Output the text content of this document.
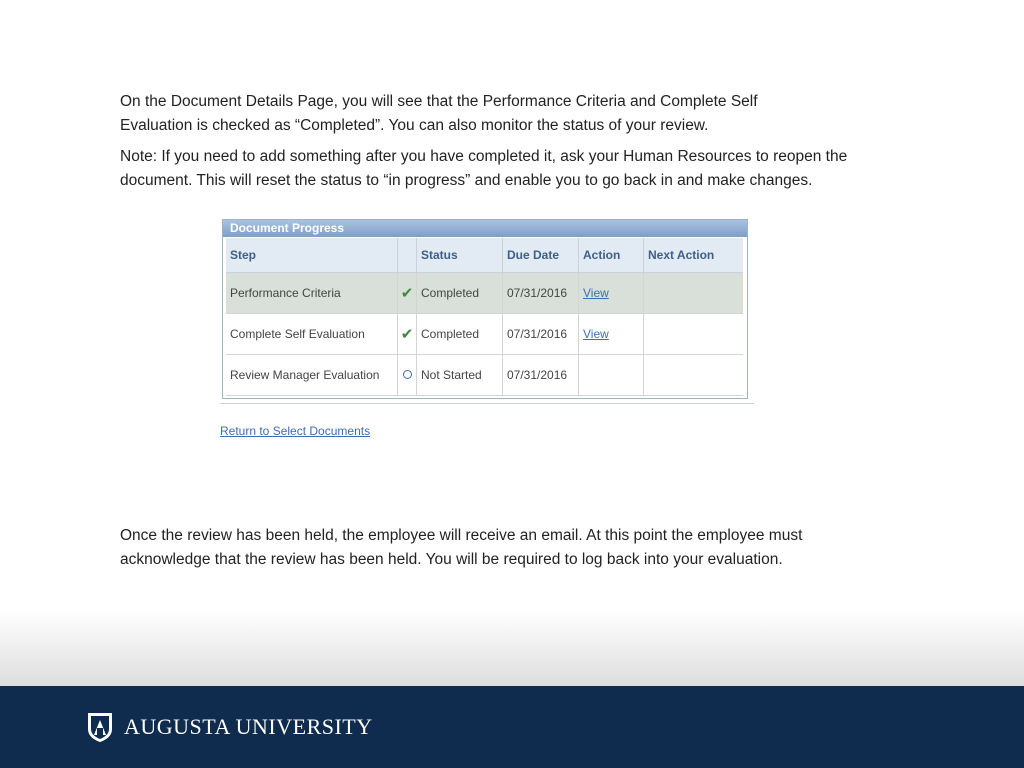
On the Document Details Page, you will see that the Performance Criteria and Complete Self Evaluation is checked as “Completed”. You can also monitor the status of your review.

Note: If you need to add something after you have completed it, ask your Human Resources to reopen the document. This will reset the status to “in progress” and enable you to go back in and make changes.

Document Progress
Step		Status	Due Date	Action	Next Action
Performance Criteria	✔	Completed	07/31/2016	View	
Complete Self Evaluation	✔	Completed	07/31/2016	View	
Review Manager Evaluation		Not Started	07/31/2016		
Return to Select Documents

Once the review has been held, the employee will receive an email. At this point the employee must acknowledge that the review has been held. You will be required to log back into your evaluation.

AUGUSTA UNIVERSITY
